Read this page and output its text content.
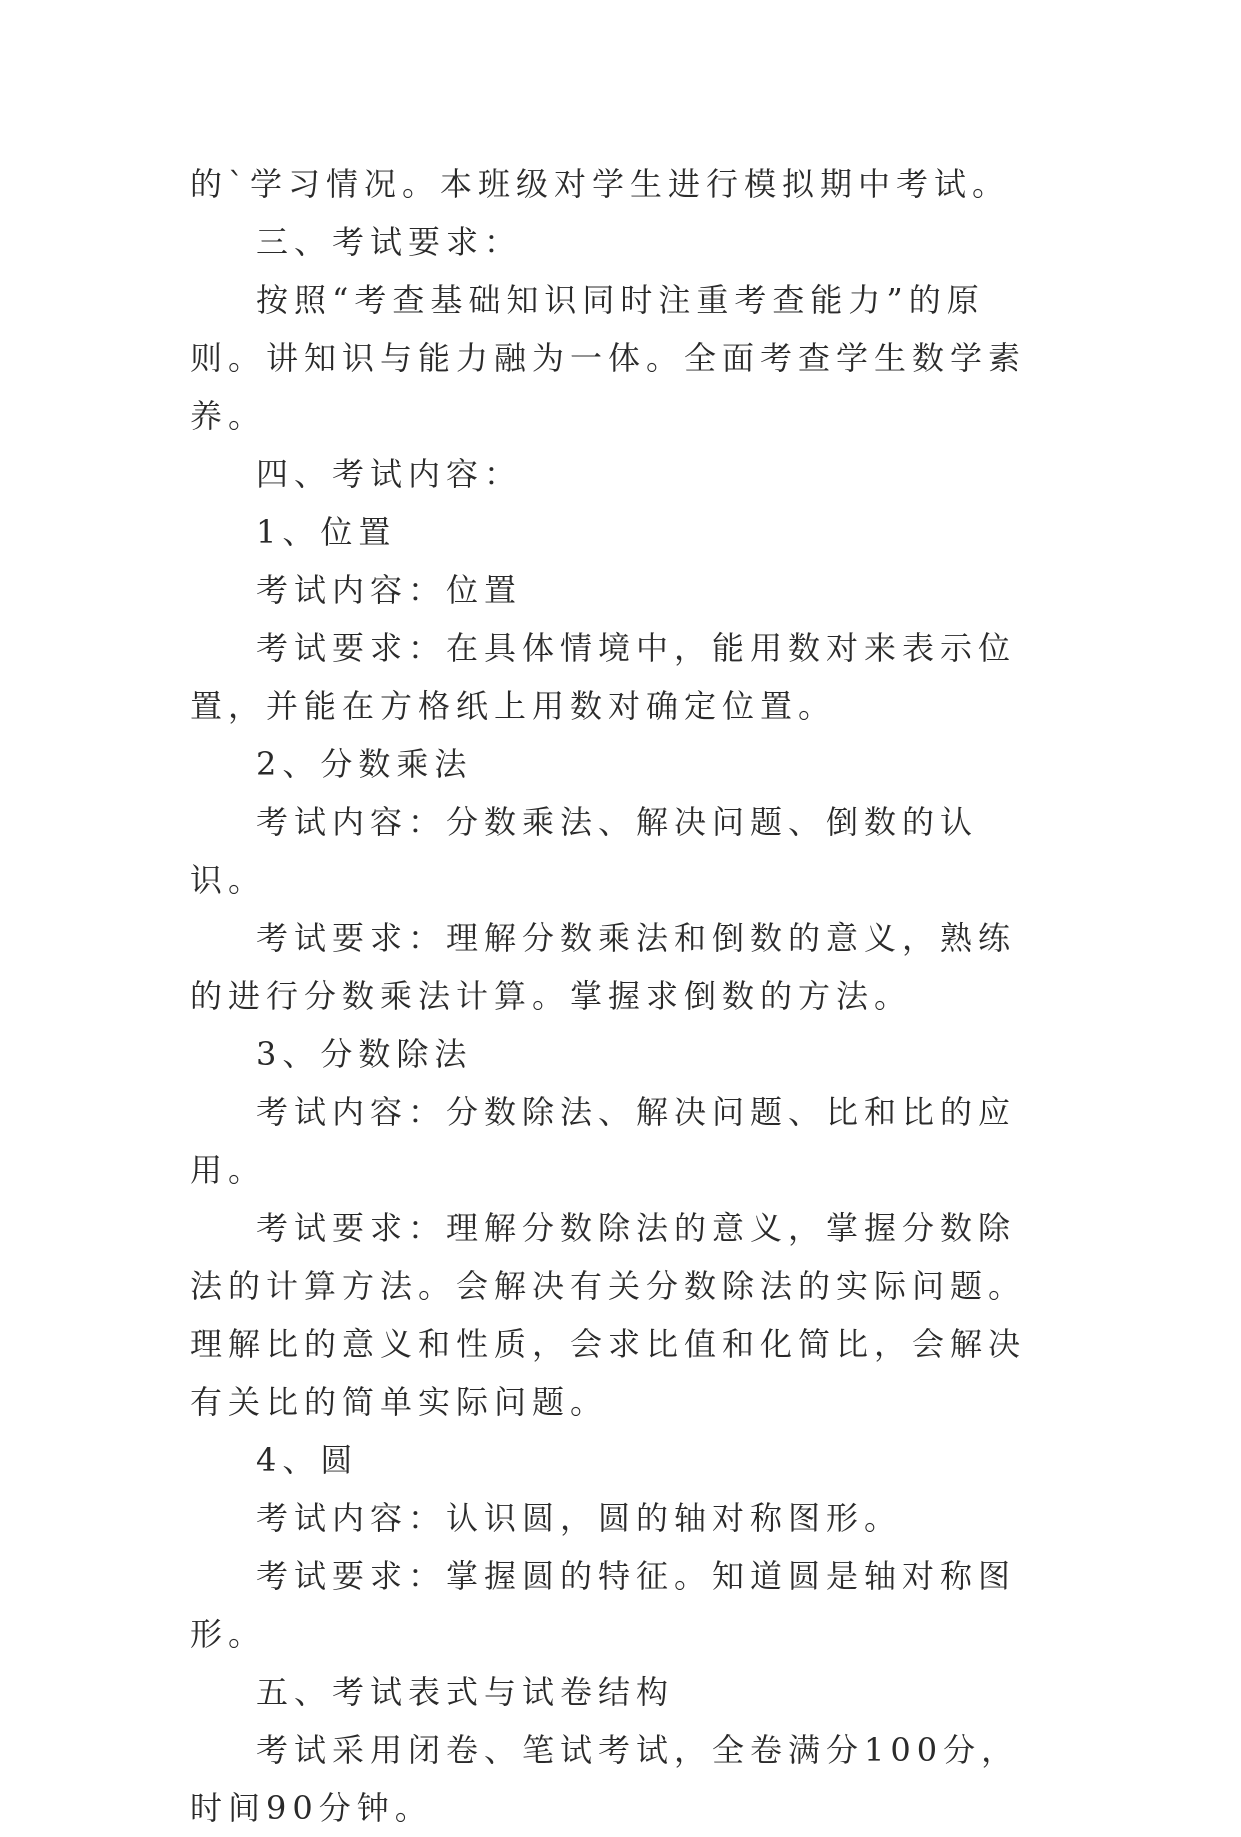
的`学习情况。本班级对学生进行模拟期中考试。

三、考试要求：

按照“考查基础知识同时注重考查能力”的原则。讲知识与能力融为一体。全面考查学生数学素养。

四、考试内容：

1、位置

考试内容：位置

考试要求：在具体情境中，能用数对来表示位置，并能在方格纸上用数对确定位置。

2、分数乘法

考试内容：分数乘法、解决问题、倒数的认识。

考试要求：理解分数乘法和倒数的意义，熟练的进行分数乘法计算。掌握求倒数的方法。

3、分数除法

考试内容：分数除法、解决问题、比和比的应用。

考试要求：理解分数除法的意义，掌握分数除法的计算方法。会解决有关分数除法的实际问题。理解比的意义和性质，会求比值和化简比，会解决有关比的简单实际问题。

4、圆

考试内容：认识圆，圆的轴对称图形。

考试要求：掌握圆的特征。知道圆是轴对称图形。

五、考试表式与试卷结构

考试采用闭卷、笔试考试，全卷满分100分，时间90分钟。
